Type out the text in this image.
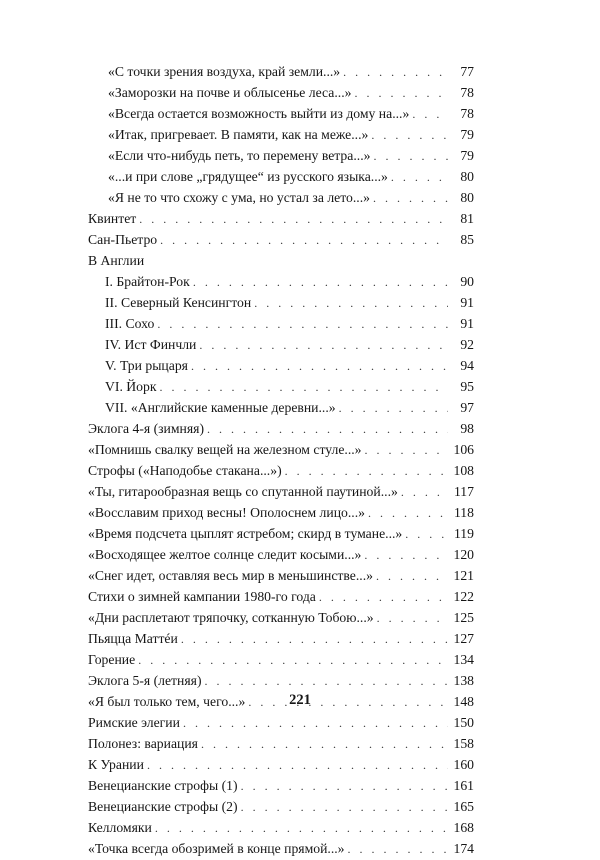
«С точки зрения воздуха, край земли...» . . .	77
«Заморозки на почве и облысенье леса...» . . .	78
«Всегда остается возможность выйти из дому на...» . . .	78
«Итак, пригревает. В памяти, как на меже...» . . .	79
«Если что-нибудь петь, то перемену ветра...» . . .	79
«...и при слове „грядущее“ из русского языка...» . . .	80
«Я не то что схожу с ума, но устал за лето...» . . .	80
Квинтет . . .	81
Сан-Пьетро . . .	85
В Англии
I. Брайтон-Рок . . .	90
II. Северный Кенсингтон . . .	91
III. Сохо . . .	91
IV. Ист Финчли . . .	92
V. Три рыцаря . . .	94
VI. Йорк . . .	95
VII. «Английские каменные деревни...» . . .	97
Эклога 4-я (зимняя) . . .	98
«Помнишь свалку вещей на железном стуле...» . . .	106
Строфы («Наподобье стакана...») . . .	108
«Ты, гитарообразная вещь со спутанной паутиной...» . . .	117
«Восславим приход весны! Ополоснем лицо...» . . .	118
«Время подсчета цыплят ястребом; скирд в тумане...» . . .	119
«Восходящее желтое солнце следит косыми...» . . .	120
«Снег идет, оставляя весь мир в меньшинстве...» . . .	121
Стихи о зимней кампании 1980-го года . . .	122
«Дни расплетают тряпочку, сотканную Тобою...» . . .	125
Пьяцца Маттéи . . .	127
Горение . . .	134
Эклога 5-я (летняя) . . .	138
«Я был только тем, чего...» . . .	148
Римские элегии . . .	150
Полонез: вариация . . .	158
К Урании . . .	160
Венецианские строфы (1) . . .	161
Венецианские строфы (2) . . .	165
Келломяки . . .	168
«Точка всегда обозримей в конце прямой...» . . .	174
221
